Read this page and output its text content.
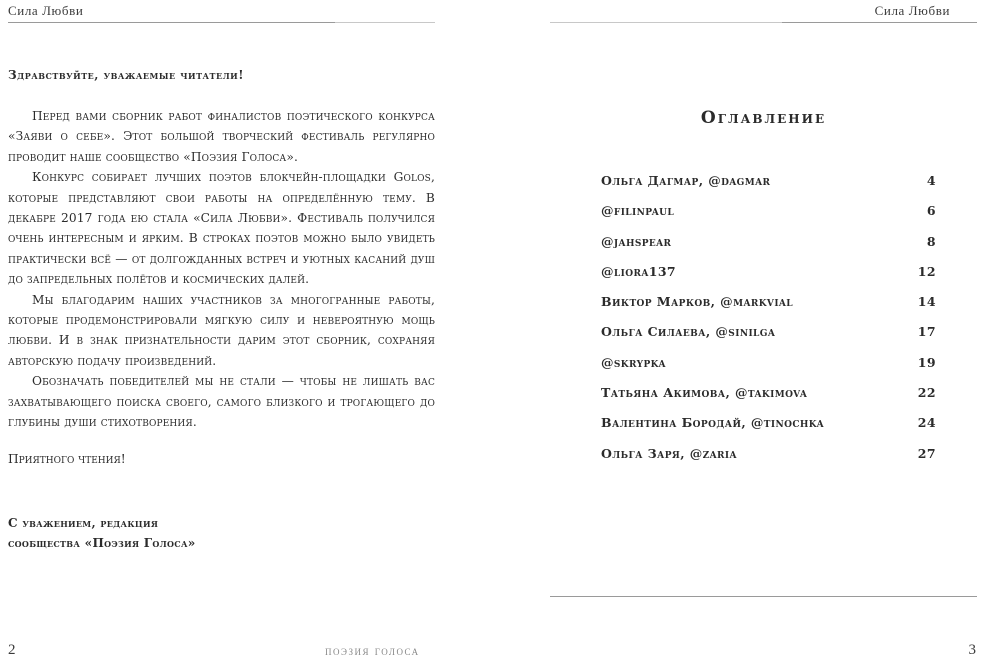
Сила Любви
Здравствуйте, уважаемые читатели!

Перед вами сборник работ финалистов поэтического конкурса «Заяви о себе». Этот большой творческий фестиваль регулярно проводит наше сообщество «Поэзия Голоса».

Конкурс собирает лучших поэтов блокчейн-площадки Golos, которые представляют свои работы на определённую тему. В декабре 2017 года ею стала «Сила Любви». Фестиваль получился очень интересным и ярким. В строках поэтов можно было увидеть практически всё — от долгожданных встреч и уютных касаний душ до запредельных полётов и космических далей.

Мы благодарим наших участников за многогранные работы, которые продемонстрировали мягкую силу и невероятную мощь любви. И в знак признательности дарим этот сборник, сохраняя авторскую подачу произведений.

Обозначать победителей мы не стали — чтобы не лишать вас захватывающего поиска своего, самого близкого и трогающего до глубины души стихотворения.

Приятного чтения!
С уважением, редакция
сообщества «Поэзия Голоса»
2	поэзия голоса
Сила Любви
Оглавление
Ольга Дагмар, @dagmar	4
@filinpaul	6
@jahspear	8
@liora137	12
Виктор Марков, @markvial	14
Ольга Силаева, @sinilga	17
@skrypka	19
Татьяна Акимова, @takimova	22
Валентина Бородай, @tinochka	24
Ольга Заря, @zaria	27
3
